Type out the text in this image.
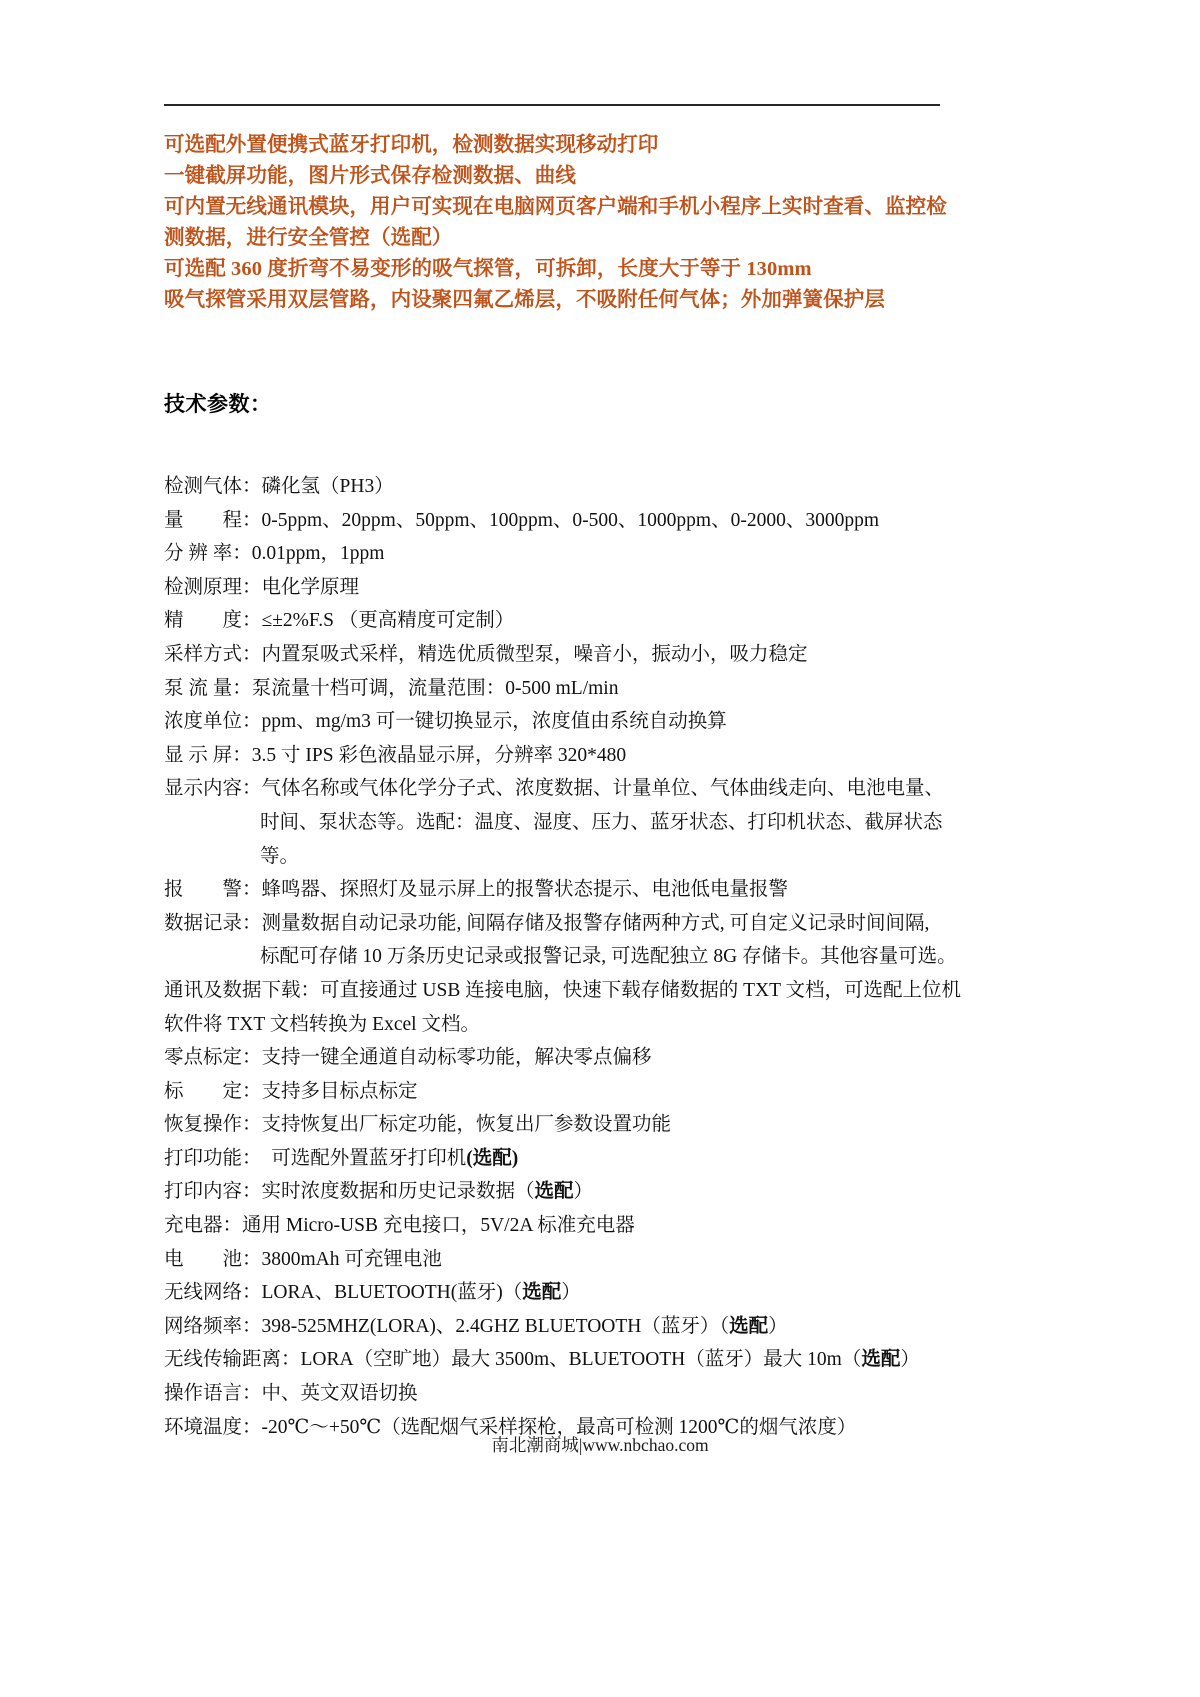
可选配外置便携式蓝牙打印机，检测数据实现移动打印
一键截屏功能，图片形式保存检测数据、曲线
可内置无线通讯模块，用户可实现在电脑网页客户端和手机小程序上实时查看、监控检测数据，进行安全管控（选配）
可选配 360 度折弯不易变形的吸气探管，可拆卸，长度大于等于 130mm
吸气探管采用双层管路，内设聚四氟乙烯层，不吸附任何气体；外加弹簧保护层
技术参数：
检测气体：磷化氢（PH3）
量　　程：0-5ppm、20ppm、50ppm、100ppm、0-500、1000ppm、0-2000、3000ppm
分 辨 率：0.01ppm，1ppm
检测原理：电化学原理
精　　度：≤±2%F.S （更高精度可定制）
采样方式：内置泵吸式采样，精选优质微型泵，噪音小，振动小，吸力稳定
泵 流 量：泵流量十档可调，流量范围：0-500 mL/min
浓度单位：ppm、mg/m3 可一键切换显示，浓度值由系统自动换算
显 示 屏：3.5 寸 IPS 彩色液晶显示屏，分辨率 320*480
显示内容：气体名称或气体化学分子式、浓度数据、计量单位、气体曲线走向、电池电量、
时间、泵状态等。选配：温度、湿度、压力、蓝牙状态、打印机状态、截屏状态
等。
报　　警：蜂鸣器、探照灯及显示屏上的报警状态提示、电池低电量报警
数据记录：测量数据自动记录功能, 间隔存储及报警存储两种方式, 可自定义记录时间间隔,
标配可存储 10 万条历史记录或报警记录, 可选配独立 8G 存储卡。其他容量可选。
通讯及数据下载：可直接通过 USB 连接电脑，快速下载存储数据的 TXT 文档，可选配上位机软件将 TXT 文档转换为 Excel 文档。
零点标定：支持一键全通道自动标零功能，解决零点偏移
标　　定：支持多目标点标定
恢复操作：支持恢复出厂标定功能，恢复出厂参数设置功能
打印功能：　可选配外置蓝牙打印机(选配)
打印内容：实时浓度数据和历史记录数据（选配）
充电器：通用 Micro-USB 充电接口，5V/2A 标准充电器
电　　池：3800mAh 可充锂电池
无线网络：LORA、BLUETOOTH(蓝牙)（选配）
网络频率：398-525MHZ(LORA)、2.4GHZ BLUETOOTH（蓝牙）（选配）
无线传输距离：LORA（空旷地）最大 3500m、BLUETOOTH（蓝牙）最大 10m（选配）
操作语言：中、英文双语切换
环境温度：-20℃～+50℃（选配烟气采样探枪，最高可检测 1200℃的烟气浓度）
南北潮商城|www.nbchao.com
